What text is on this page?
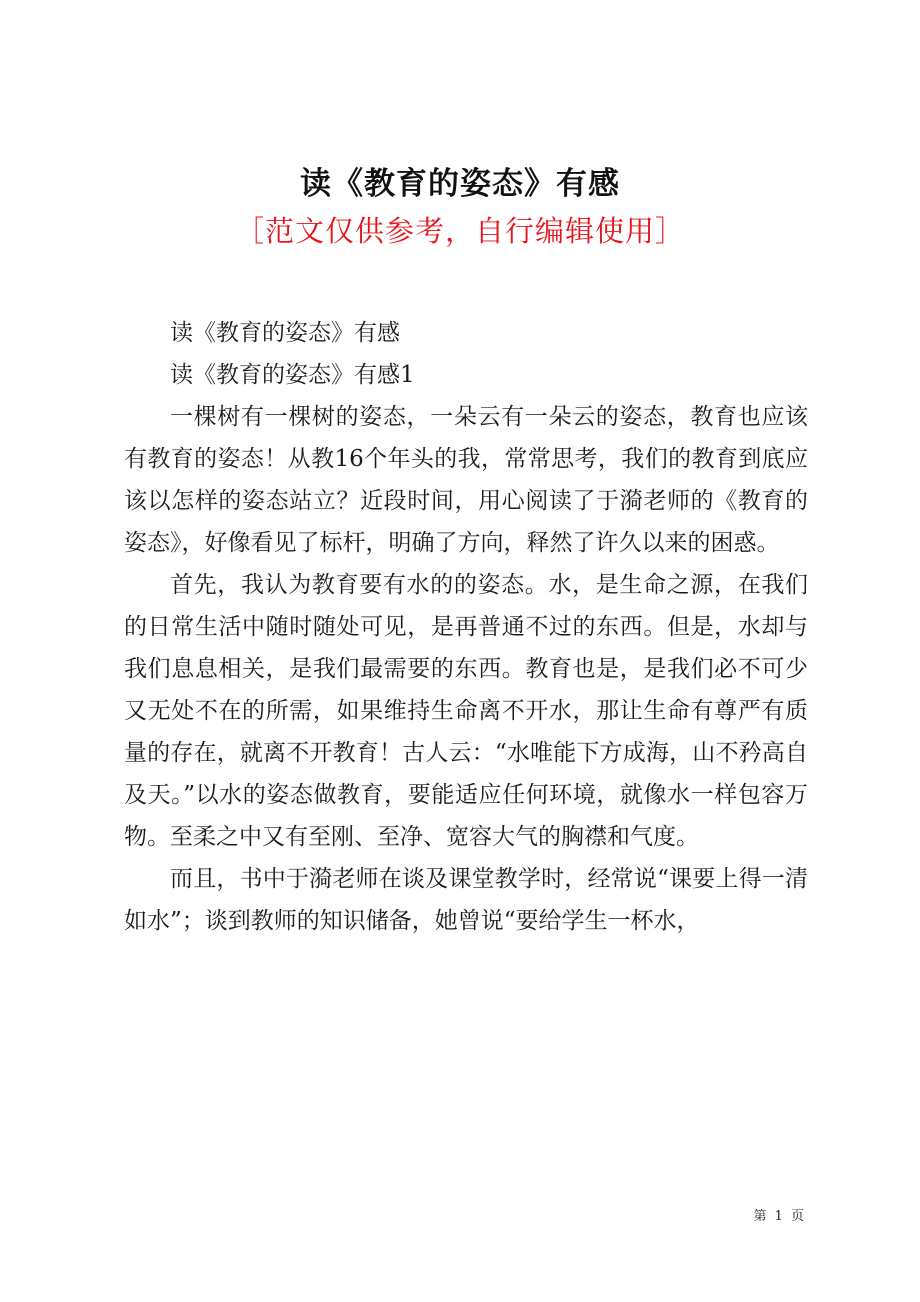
读《教育的姿态》有感
［范文仅供参考，自行编辑使用］

读《教育的姿态》有感

读《教育的姿态》有感1

一棵树有一棵树的姿态，一朵云有一朵云的姿态，教育也应该有教育的姿态！从教16个年头的我，常常思考，我们的教育到底应该以怎样的姿态站立？近段时间，用心阅读了于漪老师的《教育的姿态》，好像看见了标杆，明确了方向，释然了许久以来的困惑。

首先，我认为教育要有水的的姿态。水，是生命之源，在我们的日常生活中随时随处可见，是再普通不过的东西。但是，水却与我们息息相关，是我们最需要的东西。教育也是，是我们必不可少又无处不在的所需，如果维持生命离不开水，那让生命有尊严有质量的存在，就离不开教育！古人云：“水唯能下方成海，山不矜高自及天。”以水的姿态做教育，要能适应任何环境，就像水一样包容万物。至柔之中又有至刚、至净、宽容大气的胸襟和气度。

而且，书中于漪老师在谈及课堂教学时，经常说“课要上得一清如水”；谈到教师的知识储备，她曾说“要给学生一杯水，

第 1 页
